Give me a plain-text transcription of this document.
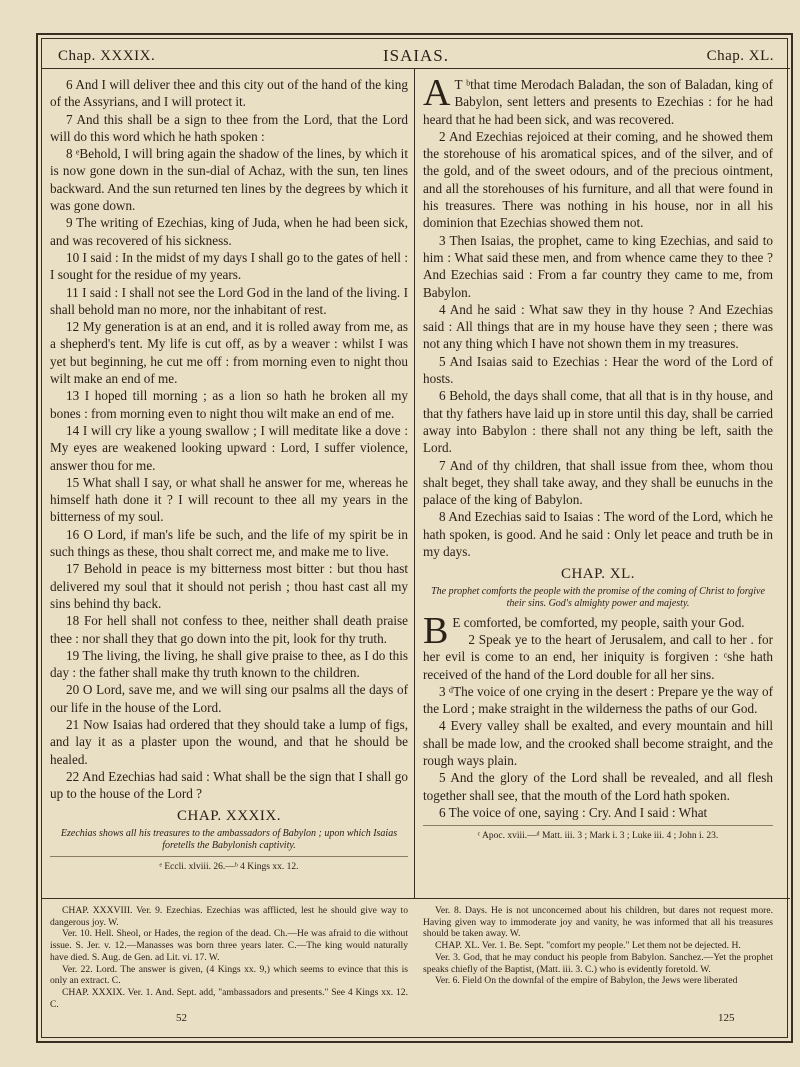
Chap. XXXIX.	ISAIAS.	Chap. XL.

6 And I will deliver thee and this city out of the hand of the king of the Assyrians, and I will protect it.

7 And this shall be a sign to thee from the Lord, that the Lord will do this word which he hath spoken :

8 ᵉBehold, I will bring again the shadow of the lines, by which it is now gone down in the sun-dial of Achaz, with the sun, ten lines backward. And the sun returned ten lines by the degrees by which it was gone down.

9 The writing of Ezechias, king of Juda, when he had been sick, and was recovered of his sickness.

10 I said : In the midst of my days I shall go to the gates of hell : I sought for the residue of my years.

11 I said : I shall not see the Lord God in the land of the living. I shall behold man no more, nor the inhabitant of rest.

12 My generation is at an end, and it is rolled away from me, as a shepherd's tent. My life is cut off, as by a weaver : whilst I was yet but beginning, he cut me off : from morning even to night thou wilt make an end of me.

13 I hoped till morning ; as a lion so hath he broken all my bones : from morning even to night thou wilt make an end of me.

14 I will cry like a young swallow ; I will meditate like a dove : My eyes are weakened looking upward : Lord, I suffer violence, answer thou for me.

15 What shall I say, or what shall he answer for me, whereas he himself hath done it ? I will recount to thee all my years in the bitterness of my soul.

16 O Lord, if man's life be such, and the life of my spirit be in such things as these, thou shalt correct me, and make me to live.

17 Behold in peace is my bitterness most bitter : but thou hast delivered my soul that it should not perish ; thou hast cast all my sins behind thy back.

18 For hell shall not confess to thee, neither shall death praise thee : nor shall they that go down into the pit, look for thy truth.

19 The living, the living, he shall give praise to thee, as I do this day : the father shall make thy truth known to the children.

20 O Lord, save me, and we will sing our psalms all the days of our life in the house of the Lord.

21 Now Isaias had ordered that they should take a lump of figs, and lay it as a plaster upon the wound, and that he should be healed.

22 And Ezechias had said : What shall be the sign that I shall go up to the house of the Lord ?

CHAP. XXXIX.
Ezechias shows all his treasures to the ambassadors of Babylon ; upon which Isaias foretells the Babylonish captivity.
ᵉ Eccli. xlviii. 26.—ᵇ 4 Kings xx. 12.

A T ᵇthat time Merodach Baladan, the son of Baladan, king of Babylon, sent letters and presents to Ezechias : for he had heard that he had been sick, and was recovered.

2 And Ezechias rejoiced at their coming, and he showed them the storehouse of his aromatical spices, and of the silver, and of the gold, and of the sweet odours, and of the precious ointment, and all the storehouses of his furniture, and all that were found in his treasures. There was nothing in his house, nor in all his dominion that Ezechias showed them not.

3 Then Isaias, the prophet, came to king Ezechias, and said to him : What said these men, and from whence came they to thee ? And Ezechias said : From a far country they came to me, from Babylon.

4 And he said : What saw they in thy house ? And Ezechias said : All things that are in my house have they seen ; there was not any thing which I have not shown them in my treasures.

5 And Isaias said to Ezechias : Hear the word of the Lord of hosts.

6 Behold, the days shall come, that all that is in thy house, and that thy fathers have laid up in store until this day, shall be carried away into Babylon : there shall not any thing be left, saith the Lord.

7 And of thy children, that shall issue from thee, whom thou shalt beget, they shall take away, and they shall be eunuchs in the palace of the king of Babylon.

8 And Ezechias said to Isaias : The word of the Lord, which he hath spoken, is good. And he said : Only let peace and truth be in my days.

CHAP. XL.
The prophet comforts the people with the promise of the coming of Christ to forgive their sins. God's almighty power and majesty.

B E comforted, be comforted, my people, saith your God.

2 Speak ye to the heart of Jerusalem, and call to her . for her evil is come to an end, her iniquity is forgiven : ᶜshe hath received of the hand of the Lord double for all her sins.

3 ᵈThe voice of one crying in the desert : Prepare ye the way of the Lord ; make straight in the wilderness the paths of our God.

4 Every valley shall be exalted, and every mountain and hill shall be made low, and the crooked shall become straight, and the rough ways plain.

5 And the glory of the Lord shall be revealed, and all flesh together shall see, that the mouth of the Lord hath spoken.

6 The voice of one, saying : Cry. And I said : What

ᶜ Apoc. xviii.—ᵈ Matt. iii. 3 ; Mark i. 3 ; Luke iii. 4 ; John i. 23.

CHAP. XXXVIII. Ver. 9. Ezechias. Ezechias was afflicted, lest he should give way to dangerous joy. W.

Ver. 10. Hell. Sheol, or Hades, the region of the dead. Ch.—He was afraid to die without issue. S. Jer. v. 12.—Manasses was born three years later. C.—The king would naturally have died. S. Aug. de Gen. ad Lit. vi. 17. W.

Ver. 22. Lord. The answer is given, (4 Kings xx. 9,) which seems to evince that this is only an extract. C.

CHAP. XXXIX. Ver. 1. And. Sept. add, "ambassadors and presents." See 4 Kings xx. 12. C.

Ver. 8. Days. He is not unconcerned about his children, but dares not request more. Having given way to immoderate joy and vanity, he was informed that all his treasures should be taken away. W.

CHAP. XL. Ver. 1. Be. Sept. "comfort my people." Let them not be dejected. H.

Ver. 3. God, that he may conduct his people from Babylon. Sanchez.—Yet the prophet speaks chiefly of the Baptist, (Matt. iii. 3. C.) who is evidently foretold. W.

Ver. 6. Field On the downfal of the empire of Babylon, the Jews were liberated

52	125
